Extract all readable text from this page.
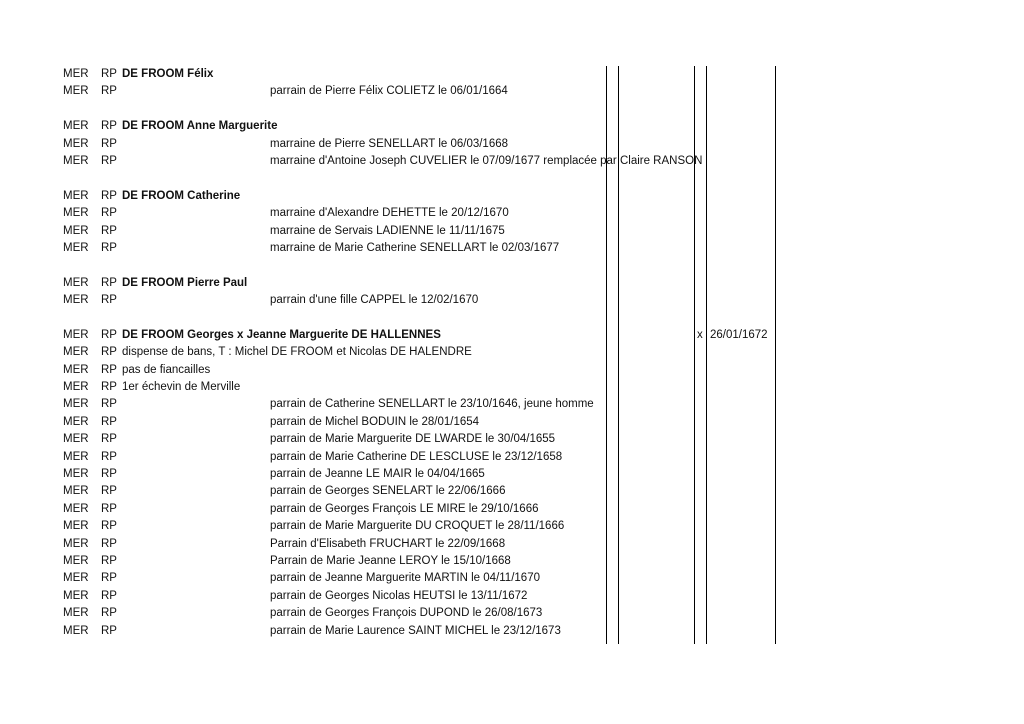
MER RP DE FROOM Félix
MER RP	parrain de Pierre Félix COLIETZ le 06/01/1664
MER RP DE FROOM Anne Marguerite
MER RP	marraine de Pierre SENELLART le 06/03/1668
MER RP	marraine d'Antoine Joseph CUVELIER le 07/09/1677 remplacée par Claire RANSON
MER RP DE FROOM Catherine
MER RP	marraine d'Alexandre DEHETTE le 20/12/1670
MER RP	marraine de Servais LADIENNE le 11/11/1675
MER RP	marraine de Marie Catherine SENELLART le 02/03/1677
MER RP DE FROOM Pierre Paul
MER RP	parrain d'une fille CAPPEL le 12/02/1670
MER RP DE FROOM Georges x Jeanne Marguerite DE HALLENNES	x 26/01/1672
MER RP dispense de bans, T : Michel DE FROOM et Nicolas DE HALENDRE
MER RP pas de fiancailles
MER RP 1er échevin de Merville
MER RP	parrain de Catherine SENELLART le 23/10/1646, jeune homme
MER RP	parrain de Michel BODUIN le 28/01/1654
MER RP	parrain de Marie Marguerite DE LWARDE le 30/04/1655
MER RP	parrain de Marie Catherine DE LESCLUSE le 23/12/1658
MER RP	parrain de Jeanne LE MAIR le 04/04/1665
MER RP	parrain de Georges SENELART le 22/06/1666
MER RP	parrain de Georges François LE MIRE le 29/10/1666
MER RP	parrain de Marie Marguerite DU CROQUET le 28/11/1666
MER RP	Parrain d'Elisabeth FRUCHART le 22/09/1668
MER RP	Parrain de Marie Jeanne LEROY le 15/10/1668
MER RP	parrain de Jeanne Marguerite MARTIN le 04/11/1670
MER RP	parrain de Georges Nicolas HEUTSI le 13/11/1672
MER RP	parrain de Georges François DUPOND le 26/08/1673
MER RP	parrain de Marie Laurence SAINT MICHEL le 23/12/1673
